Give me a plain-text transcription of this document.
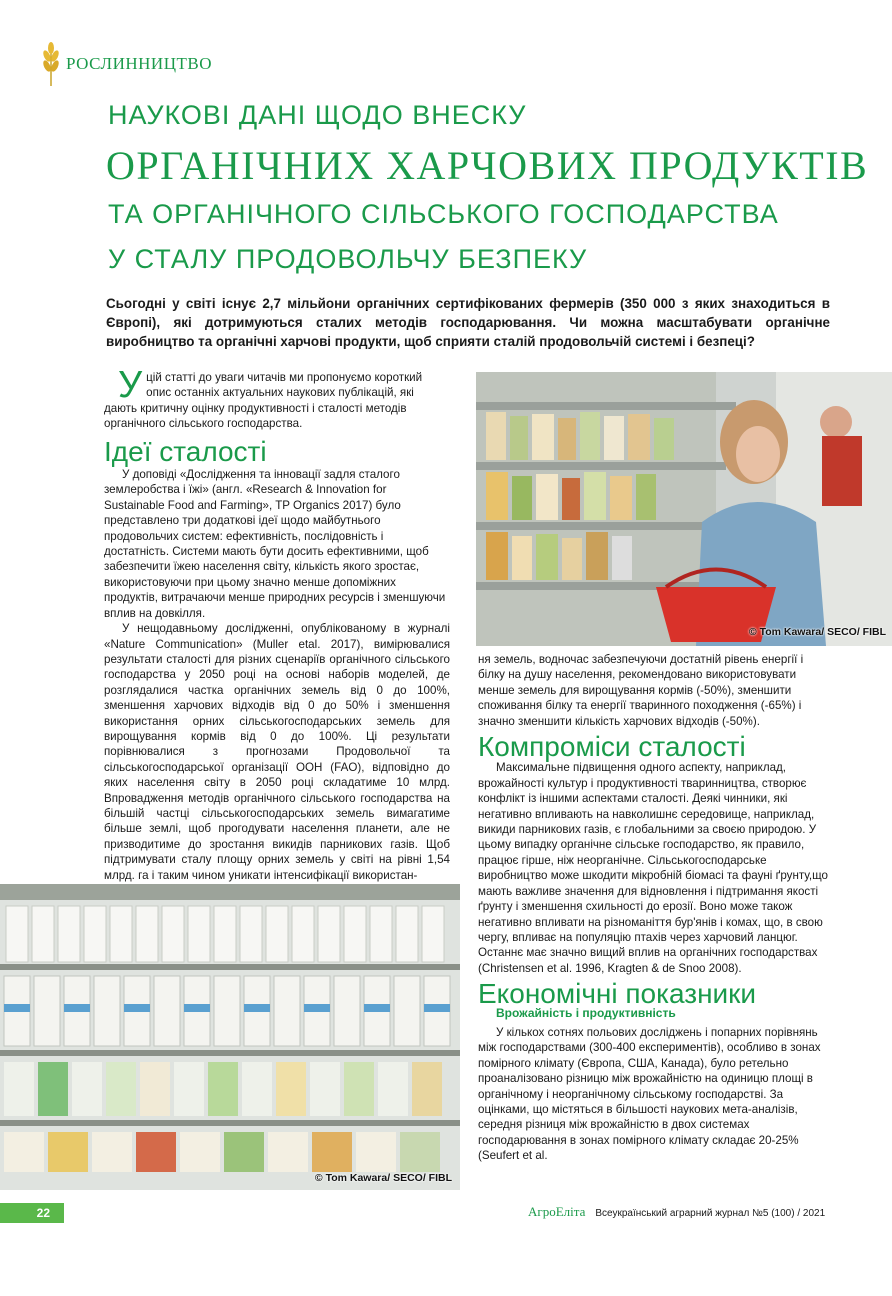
РОСЛИННИЦТВО
НАУКОВІ ДАНІ ЩОДО ВНЕСКУ
ОРГАНІЧНИХ ХАРЧОВИХ ПРОДУКТІВ
ТА ОРГАНІЧНОГО СІЛЬСЬКОГО ГОСПОДАРСТВА
У СТАЛУ ПРОДОВОЛЬЧУ БЕЗПЕКУ
Сьогодні у світі існує 2,7 мільйони органічних сертифікованих фермерів (350 000 з яких знаходиться в Європі), які дотримуються сталих методів господарювання. Чи можна масштабувати органічне виробництво та органічні харчові продукти, щоб сприяти сталій продовольчій системі і безпеці?

Уцій статті до уваги читачів ми пропонуємо короткий опис останніх актуальних наукових публікацій, які дають критичну оцінку продуктивності і сталості методів органічного сільського господарства.

Ідеї сталості

У доповіді «Дослідження та інновації задля сталого землеробства і їжі» (англ. «Research & Innovation for Sustainable Food and Farming», TP Organics 2017) було представлено три додаткові ідеї щодо майбутнього продовольчих систем: ефективність, послідовність і достатність. Системи мають бути досить ефективними, щоб забезпечити їжею населення світу, кількість якого зростає, використовуючи при цьому значно менше допоміжних продуктів, витрачаючи менше природних ресурсів і зменшуючи вплив на довкілля.

У нещодавньому дослідженні, опублікованому в журналі «Nature Communication» (Muller etal. 2017), вимірювалися результати сталості для різних сценаріїв органічного сільського господарства у 2050 році на основі наборів моделей, де розглядалися частка органічних земель від 0 до 100%, зменшення харчових відходів від 0 до 50% і зменшення використання орних сільськогосподарських земель для вирощування кормів від 0 до 100%. Ці результати порівнювалися з прогнозами Продовольчої та сільськогосподарської організації ООН (FAO), відповідно до яких населення світу в 2050 році складатиме 10 млрд. Впровадження методів органічного сільського господарства на більшій частці сільськогосподарських земель вимагатиме більше землі, щоб прогодувати населення планети, але не призводитиме до зростання викидів парникових газів. Щоб підтримувати сталу площу орних земель у світі на рівні 1,54 млрд. га і таким чином уникати інтенсифікації використан-

© Tom Kawara/ SECO/ FIBL

ня земель, водночас забезпечуючи достатній рівень енергії і білку на душу населення, рекомендовано використовувати менше земель для вирощування кормів (-50%), зменшити споживання білку та енергії тваринного походження (-65%) і значно зменшити кількість харчових відходів (-50%).

Компроміси сталості

Максимальне підвищення одного аспекту, наприклад, врожайності культур і продуктивності тваринництва, створює конфлікт із іншими аспектами сталості. Деякі чинники, які негативно впливають на навколишнє середовище, наприклад, викиди парникових газів, є глобальними за своєю природою. У цьому випадку органічне сільське господарство, як правило, працює гірше, ніж неорганічне. Сільськогосподарське виробництво може шкодити мікробній біомасі та фауні ґрунту,що мають важливе значення для відновлення і підтримання якості ґрунту і зменшення схильності до ерозії. Воно може також негативно впливати на різноманіття бур'янів і комах, що, в свою чергу, впливає на популяцію птахів через харчовий ланцюг. Останнє має значно вищий вплив на органічних господарствах (Christensen et al. 1996, Kragten & de Snoo 2008).

Економічні показники
Врожайність і продуктивність

У кількох сотнях польових досліджень і попарних порівнянь між господарствами (300-400 експериментів), особливо в зонах помірного клімату (Європа, США, Канада), було ретельно проаналізовано різницю між врожайністю на одиницю площі в органічному і неорганічному сільському господарстві. За оцінками, що містяться в більшості наукових мета-аналізів, середня різниця між врожайністю в двох системах господарювання в зонах помірного клімату складає 20-25% (Seufert et al.

© Tom Kawara/ SECO/ FIBL
22	АгроЕліта Всеукраїнський аграрний журнал №5 (100) / 2021
